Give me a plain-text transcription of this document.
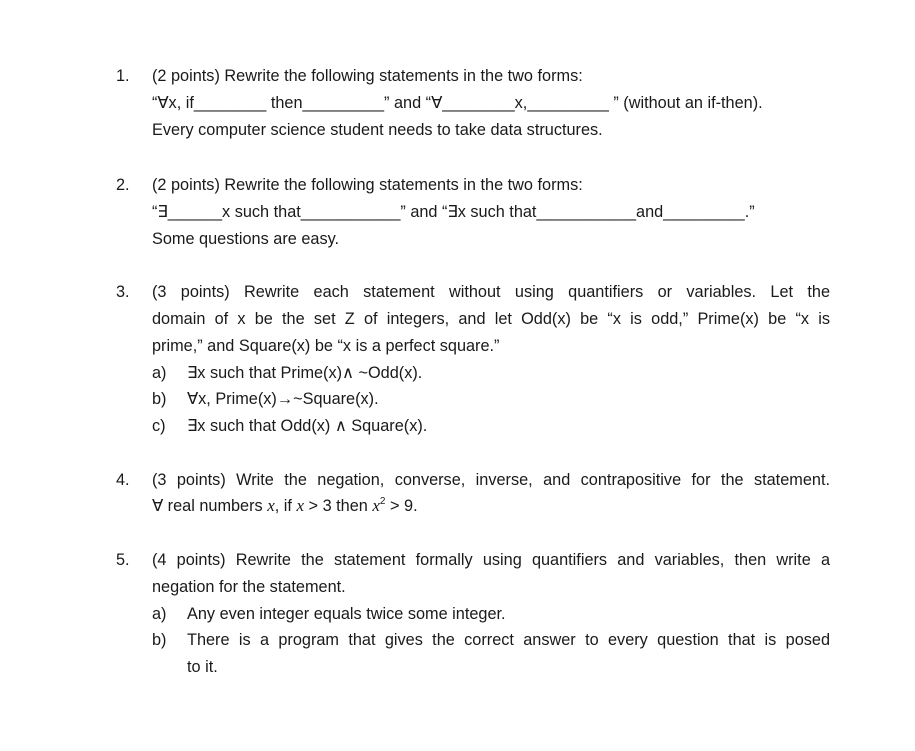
1. (2 points) Rewrite the following statements in the two forms:
“∀x, if________ then_________” and “∀________x,_________ ” (without an if-then).
Every computer science student needs to take data structures.
2. (2 points) Rewrite the following statements in the two forms:
“∃______x such that___________” and “∃x such that___________and_________.”
Some questions are easy.
3. (3 points) Rewrite each statement without using quantifiers or variables. Let the
domain of x be the set Z of integers, and let Odd(x) be “x is odd,” Prime(x) be “x is
prime,” and Square(x) be “x is a perfect square.”
a) ∃x such that Prime(x)∧ ~Odd(x).
b) ∀x, Prime(x)→~Square(x).
c) ∃x such that Odd(x) ∧ Square(x).
4. (3 points) Write the negation, converse, inverse, and contrapositive for the statement.
∀ real numbers x, if x > 3 then $x^2 > 9$.
5. (4 points) Rewrite the statement formally using quantifiers and variables, then write a
negation for the statement.
a) Any even integer equals twice some integer.
b) There is a program that gives the correct answer to every question that is posed
to it.
